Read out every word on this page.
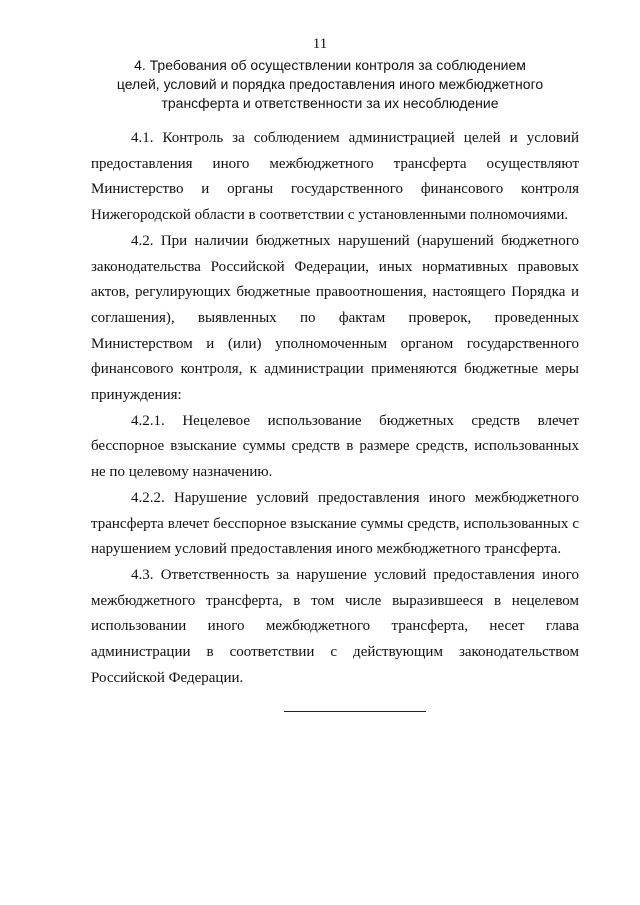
11
4. Требования об осуществлении контроля за соблюдением
целей, условий и порядка предоставления иного межбюджетного
трансферта и ответственности за их несоблюдение

4.1. Контроль за соблюдением администрацией целей и условий предоставления иного межбюджетного трансферта осуществляют Министерство и органы государственного финансового контроля Нижегородской области в соответствии с установленными полномочиями.

4.2. При наличии бюджетных нарушений (нарушений бюджетного законодательства Российской Федерации, иных нормативных правовых актов, регулирующих бюджетные правоотношения, настоящего Порядка и соглашения), выявленных по фактам проверок, проведенных Министерством и (или) уполномоченным органом государственного финансового контроля, к администрации применяются бюджетные меры принуждения:

4.2.1. Нецелевое использование бюджетных средств влечет бесспорное взыскание суммы средств в размере средств, использованных не по целевому назначению.

4.2.2. Нарушение условий предоставления иного межбюджетного трансферта влечет бесспорное взыскание суммы средств, использованных с нарушением условий предоставления иного межбюджетного трансферта.

4.3. Ответственность за нарушение условий предоставления иного межбюджетного трансферта, в том числе выразившееся в нецелевом использовании иного межбюджетного трансферта, несет глава администрации в соответствии с действующим законодательством Российской Федерации.
